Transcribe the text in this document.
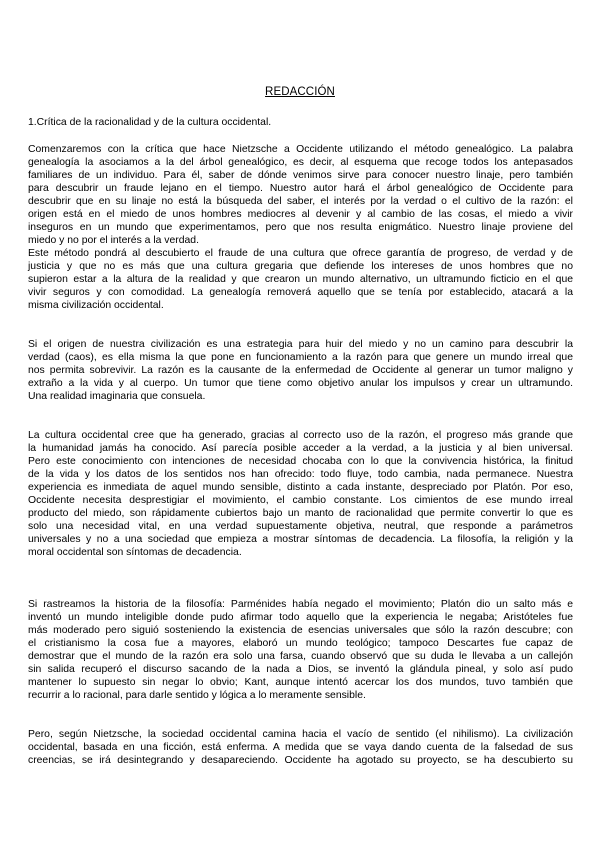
REDACCIÓN
1.Crítica de la racionalidad y de la cultura occidental.
Comenzaremos con la crítica que hace Nietzsche a Occidente utilizando el método genealógico. La palabra
genealogía la asociamos a la del árbol genealógico, es decir, al esquema que recoge todos los antepasados
familiares de un individuo. Para él, saber de dónde venimos sirve para conocer nuestro linaje, pero también
para descubrir un fraude lejano en el tiempo. Nuestro autor hará el árbol genealógico de Occidente para
descubrir que en su linaje no está la búsqueda del saber, el interés por la verdad o el cultivo de la razón: el
origen está en el miedo de unos hombres mediocres al devenir y al cambio de las cosas, el miedo a vivir
inseguros en un mundo que experimentamos, pero que nos resulta enigmático. Nuestro linaje proviene del
miedo y no por el interés a la verdad.
Este método pondrá al descubierto el fraude de una cultura que ofrece garantía de progreso, de verdad y de
justicia y que no es más que una cultura gregaria que defiende los intereses de unos hombres que no
supieron estar a la altura de la realidad y que crearon un mundo alternativo, un ultramundo ficticio en el que
vivir seguros y con comodidad. La genealogía removerá aquello que se tenía por establecido, atacará a la
misma civilización occidental.
Si el origen de nuestra civilización es una estrategia para huir del miedo y no un camino para descubrir la
verdad (caos), es ella misma la que pone en funcionamiento a la razón para que genere un mundo irreal que
nos permita sobrevivir. La razón es la causante de la enfermedad de Occidente al generar un tumor maligno y
extraño a la vida y al cuerpo. Un tumor que tiene como objetivo anular los impulsos y crear un ultramundo.
Una realidad imaginaria que consuela.
La cultura occidental cree que ha generado, gracias al correcto uso de la razón, el progreso más grande que
la humanidad jamás ha conocido. Así parecía posible acceder a la verdad, a la justicia y al bien universal.
Pero este conocimiento con intenciones de necesidad chocaba con lo que la convivencia histórica, la finitud
de la vida y los datos de los sentidos nos han ofrecido: todo fluye, todo cambia, nada permanece. Nuestra
experiencia es inmediata de aquel mundo sensible, distinto a cada instante, despreciado por Platón. Por eso,
Occidente necesita desprestigiar el movimiento, el cambio constante. Los cimientos de ese mundo irreal
producto del miedo, son rápidamente cubiertos bajo un manto de racionalidad que permite convertir lo que es
solo una necesidad vital, en una verdad supuestamente objetiva, neutral, que responde a parámetros
universales y no a una sociedad que empieza a mostrar síntomas de decadencia. La filosofía, la religión y la
moral occidental son síntomas de decadencia.
Si rastreamos la historia de la filosofía: Parménides había negado el movimiento; Platón dio un salto más e
inventó un mundo inteligible donde pudo afirmar todo aquello que la experiencia le negaba; Aristóteles fue
más moderado pero siguió sosteniendo la existencia de esencias universales que sólo la razón descubre; con
el cristianismo la cosa fue a mayores, elaboró un mundo teológico; tampoco Descartes fue capaz de
demostrar que el mundo de la razón era solo una farsa, cuando observó que su duda le llevaba a un callejón
sin salida recuperó el discurso sacando de la nada a Dios, se inventó la glándula pineal, y solo así pudo
mantener lo supuesto sin negar lo obvio; Kant, aunque intentó acercar los dos mundos, tuvo también que
recurrir a lo racional, para darle sentido y lógica a lo meramente sensible.
Pero, según Nietzsche, la sociedad occidental camina hacia el vacío de sentido (el nihilismo). La civilización
occidental, basada en una ficción, está enferma. A medida que se vaya dando cuenta de la falsedad de sus
creencias, se irá desintegrando y desapareciendo. Occidente ha agotado su proyecto, se ha descubierto su
